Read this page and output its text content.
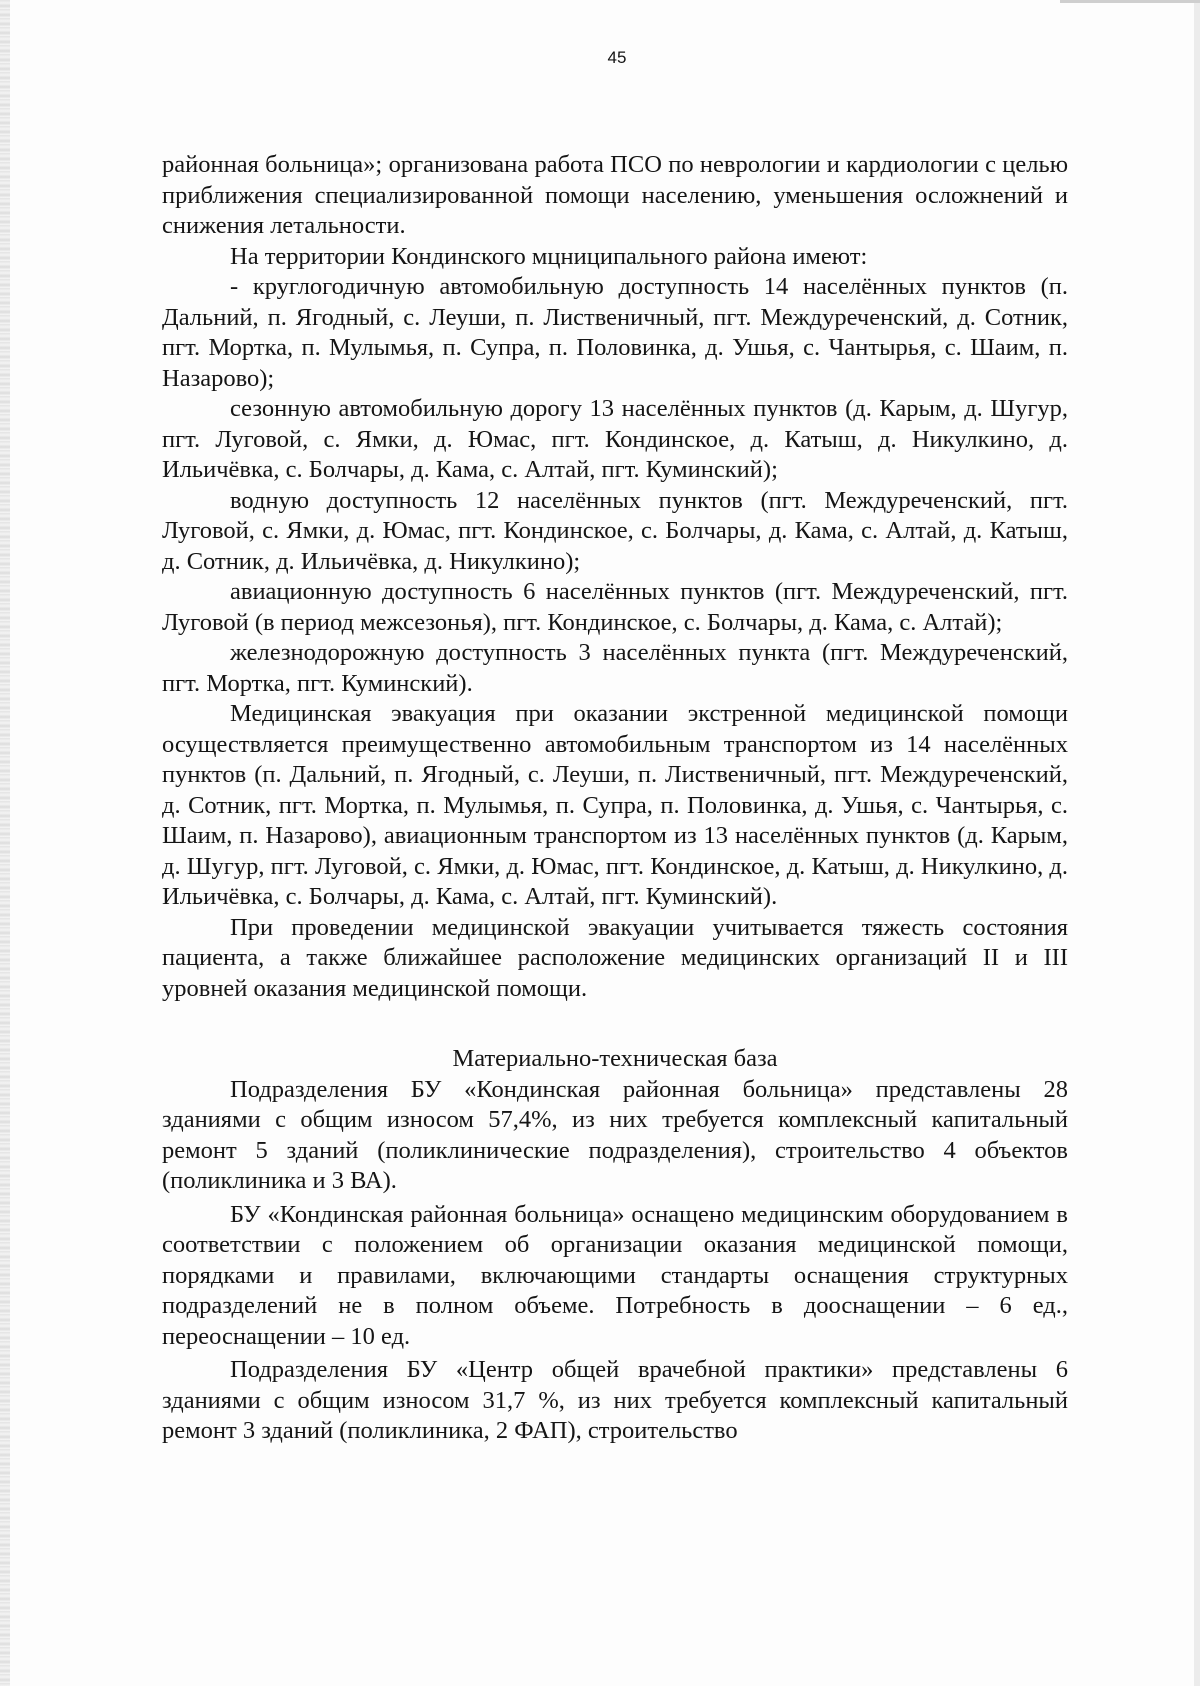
45

районная больница»; организована работа ПСО по неврологии и кардиологии с целью приближения специализированной помощи населению, уменьшения осложнений и снижения летальности.

На территории Кондинского мцниципального района имеют:

- круглогодичную автомобильную доступность 14 населённых пунктов (п. Дальний, п. Ягодный, с. Леуши, п. Лиственичный, пгт. Междуреченский, д. Сотник, пгт. Мортка, п. Мулымья, п. Супра, п. Половинка, д. Ушья, с. Чантырья, с. Шаим, п. Назарово);

сезонную автомобильную дорогу 13 населённых пунктов (д. Карым, д. Шугур, пгт. Луговой, с. Ямки, д. Юмас, пгт. Кондинское, д. Катыш, д. Никулкино, д. Ильичёвка, с. Болчары, д. Кама, с. Алтай, пгт. Куминский);

водную доступность 12 населённых пунктов (пгт. Междуреченский, пгт. Луговой, с. Ямки, д. Юмас, пгт. Кондинское, с. Болчары, д. Кама, с. Алтай, д. Катыш, д. Сотник, д. Ильичёвка, д. Никулкино);

авиационную доступность 6 населённых пунктов (пгт. Междуреченский, пгт. Луговой (в период межсезонья), пгт. Кондинское, с. Болчары, д. Кама, с. Алтай);

железнодорожную доступность 3 населённых пункта (пгт. Междуреченский, пгт. Мортка, пгт. Куминский).

Медицинская эвакуация при оказании экстренной медицинской помощи осуществляется преимущественно автомобильным транспортом из 14 населённых пунктов (п. Дальний, п. Ягодный, с. Леуши, п. Лиственичный, пгт. Междуреченский, д. Сотник, пгт. Мортка, п. Мулымья, п. Супра, п. Половинка, д. Ушья, с. Чантырья, с. Шаим, п. Назарово), авиационным транспортом из 13 населённых пунктов (д. Карым, д. Шугур, пгт. Луговой, с. Ямки, д. Юмас, пгт. Кондинское, д. Катыш, д. Никулкино, д. Ильичёвка, с. Болчары, д. Кама, с. Алтай, пгт. Куминский).

При проведении медицинской эвакуации учитывается тяжесть состояния пациента, а также ближайшее расположение медицинских организаций II и III уровней оказания медицинской помощи.

Материально-техническая база

Подразделения БУ «Кондинская районная больница» представлены 28 зданиями с общим износом 57,4%, из них требуется комплексный капитальный ремонт 5 зданий (поликлинические подразделения), строительство 4 объектов (поликлиника и 3 ВА).

БУ «Кондинская районная больница» оснащено медицинским оборудованием в соответствии с положением об организации оказания медицинской помощи, порядками и правилами, включающими стандарты оснащения структурных подразделений не в полном объеме. Потребность в дооснащении – 6 ед., переоснащении – 10 ед.

Подразделения БУ «Центр общей врачебной практики» представлены 6 зданиями с общим износом 31,7 %, из них требуется комплексный капитальный ремонт 3 зданий (поликлиника, 2 ФАП), строительство
